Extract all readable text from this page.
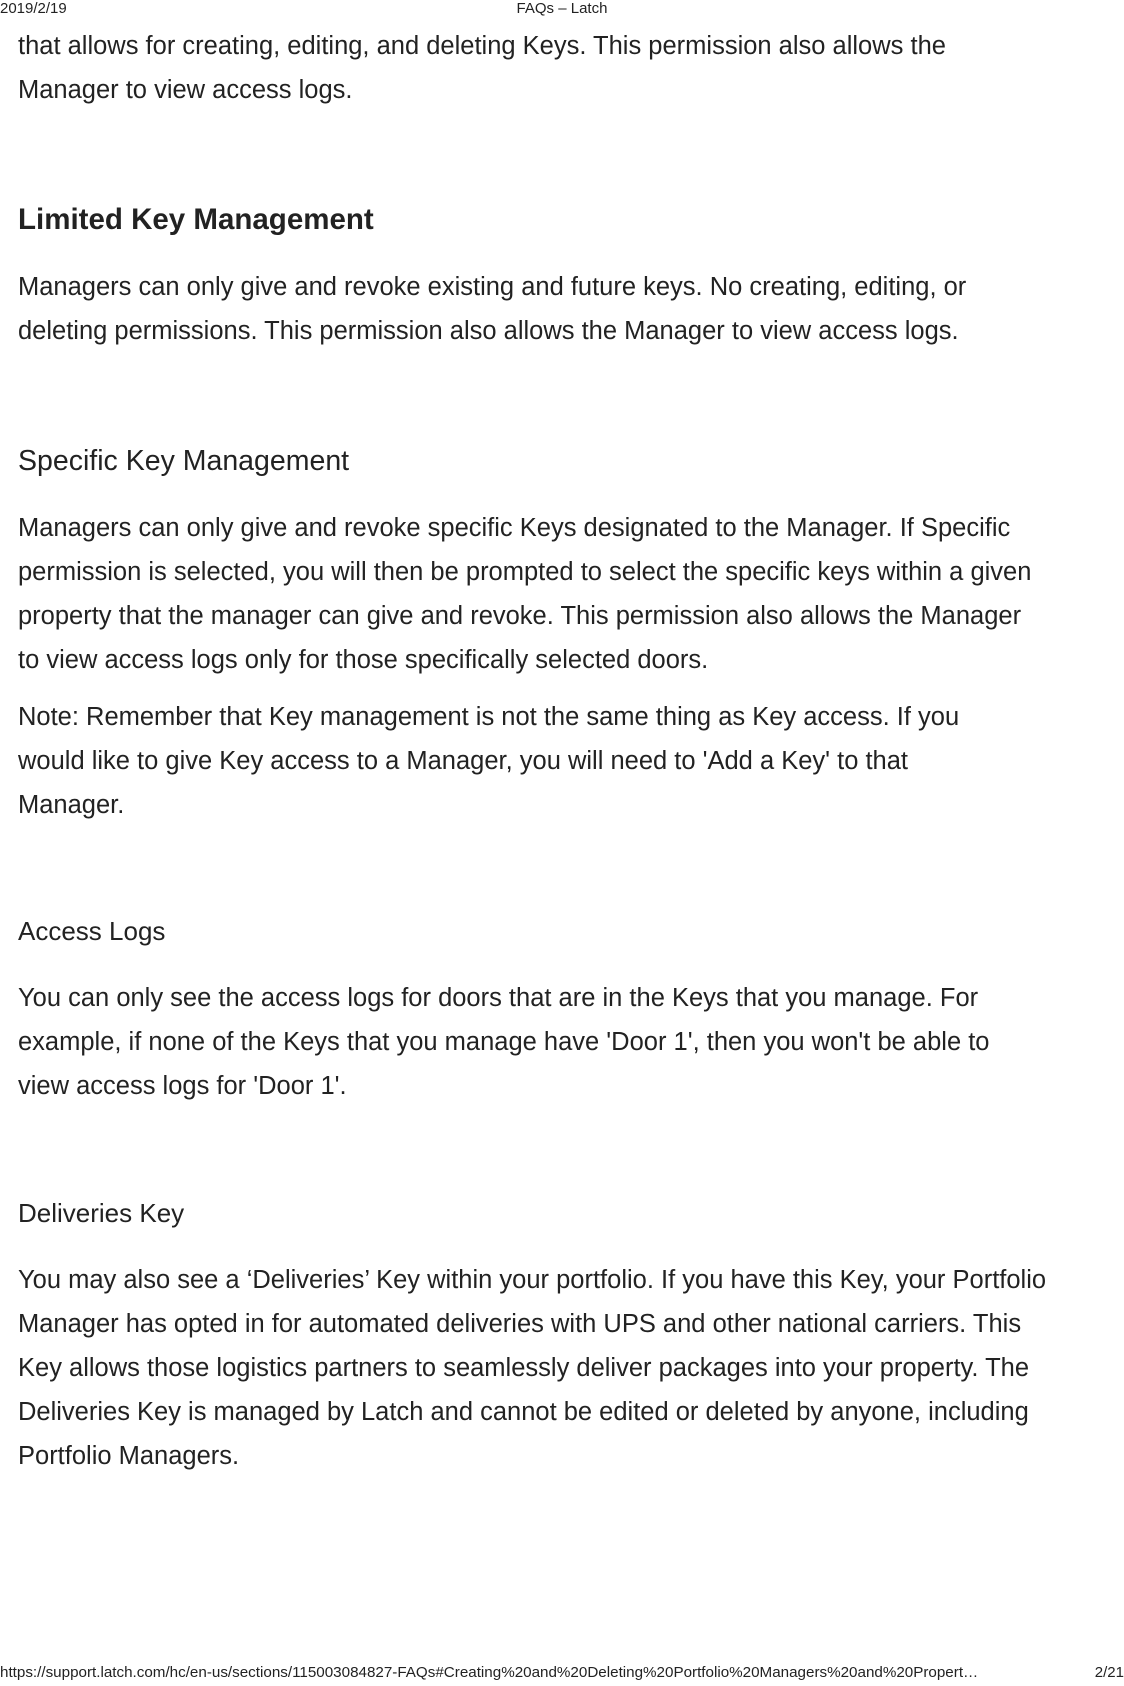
2019/2/19	FAQs – Latch

that allows for creating, editing, and deleting Keys. This permission also allows the Manager to view access logs.

Limited Key Management

Managers can only give and revoke existing and future keys. No creating, editing, or deleting permissions. This permission also allows the Manager to view access logs.

Specific Key Management

Managers can only give and revoke specific Keys designated to the Manager. If Specific permission is selected, you will then be prompted to select the specific keys within a given property that the manager can give and revoke. This permission also allows the Manager to view access logs only for those specifically selected doors.

Note: Remember that Key management is not the same thing as Key access. If you would like to give Key access to a Manager, you will need to 'Add a Key' to that Manager.

Access Logs

You can only see the access logs for doors that are in the Keys that you manage. For example, if none of the Keys that you manage have 'Door 1', then you won't be able to view access logs for 'Door 1'.

Deliveries Key

You may also see a ‘Deliveries’ Key within your portfolio. If you have this Key, your Portfolio Manager has opted in for automated deliveries with UPS and other national carriers. This Key allows those logistics partners to seamlessly deliver packages into your property. The Deliveries Key is managed by Latch and cannot be edited or deleted by anyone, including Portfolio Managers.

https://support.latch.com/hc/en-us/sections/115003084827-FAQs#Creating%20and%20Deleting%20Portfolio%20Managers%20and%20Propert…	2/21
